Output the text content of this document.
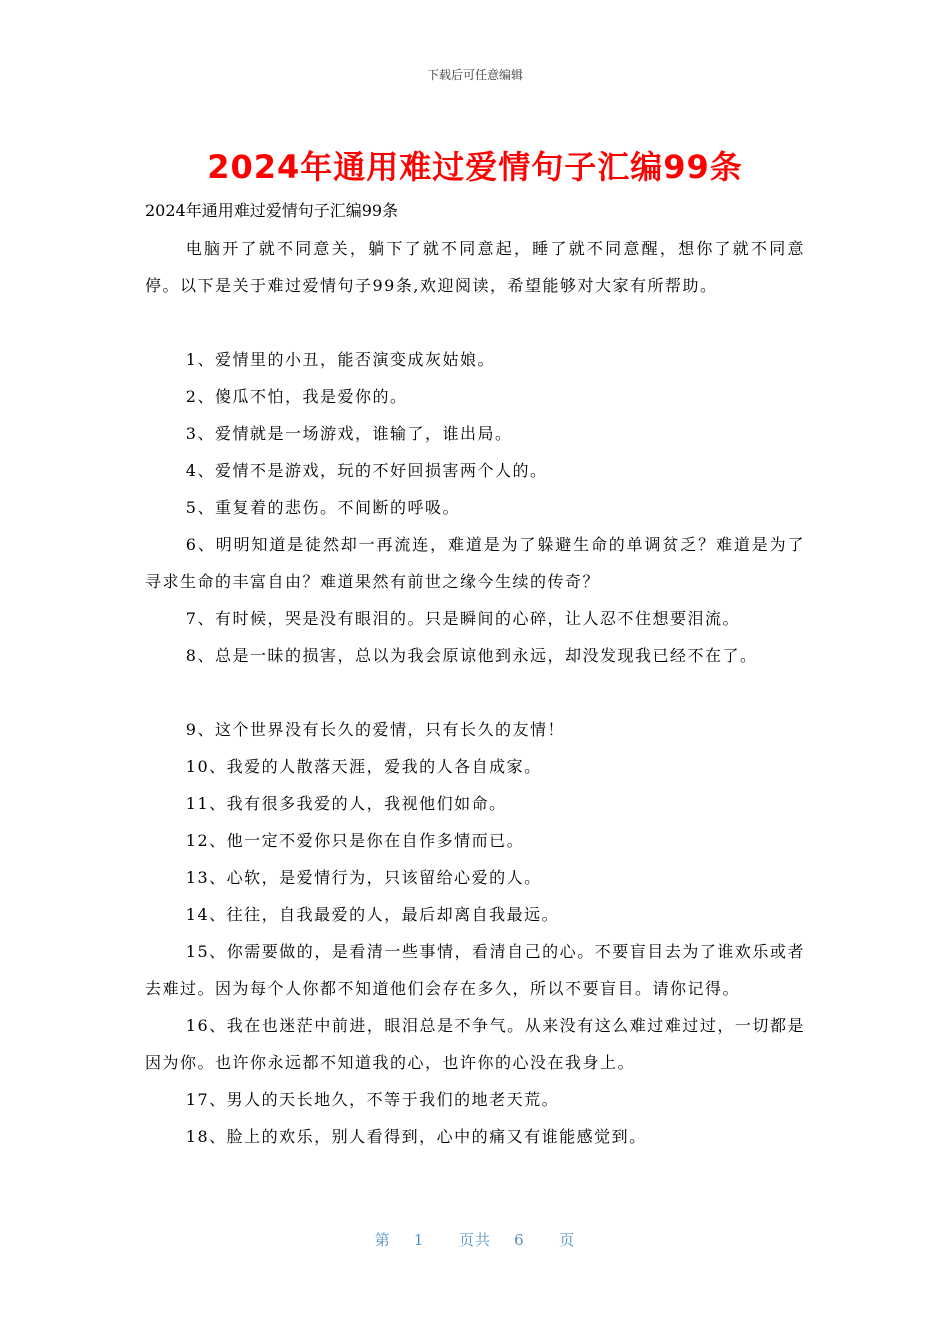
下载后可任意编辑
2024年通用难过爱情句子汇编99条
2024年通用难过爱情句子汇编99条

电脑开了就不同意关，躺下了就不同意起，睡了就不同意醒，想你了就不同意停。以下是关于难过爱情句子99条,欢迎阅读，希望能够对大家有所帮助。

1、爱情里的小丑，能否演变成灰姑娘。

2、傻瓜不怕，我是爱你的。

3、爱情就是一场游戏，谁输了，谁出局。

4、爱情不是游戏，玩的不好回损害两个人的。

5、重复着的悲伤。不间断的呼吸。

6、明明知道是徒然却一再流连，难道是为了躲避生命的单调贫乏？难道是为了寻求生命的丰富自由？难道果然有前世之缘今生续的传奇？

7、有时候，哭是没有眼泪的。只是瞬间的心碎，让人忍不住想要泪流。

8、总是一昧的损害，总以为我会原谅他到永远，却没发现我已经不在了。

9、这个世界没有长久的爱情，只有长久的友情！

10、我爱的人散落天涯，爱我的人各自成家。

11、我有很多我爱的人，我视他们如命。

12、他一定不爱你只是你在自作多情而已。

13、心软，是爱情行为，只该留给心爱的人。

14、往往，自我最爱的人，最后却离自我最远。

15、你需要做的，是看清一些事情，看清自己的心。不要盲目去为了谁欢乐或者去难过。因为每个人你都不知道他们会存在多久，所以不要盲目。请你记得。

16、我在也迷茫中前进，眼泪总是不争气。从来没有这么难过难过过，一切都是因为你。也许你永远都不知道我的心，也许你的心没在我身上。

17、男人的天长地久，不等于我们的地老天荒。

18、脸上的欢乐，别人看得到，心中的痛又有谁能感觉到。

第 1 页共 6 页
